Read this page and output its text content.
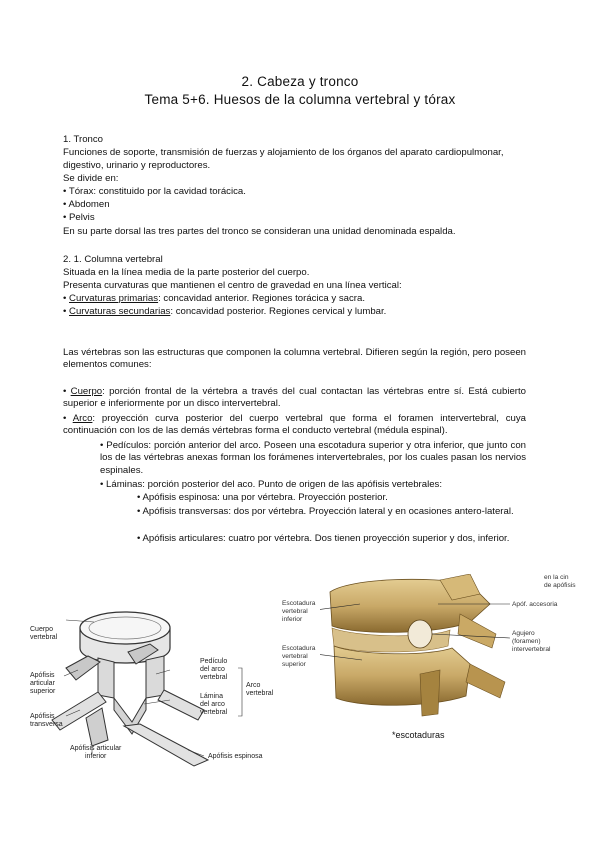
2. Cabeza y tronco
Tema 5+6. Huesos de la columna vertebral y tórax
1. Tronco
Funciones de soporte, transmisión de fuerzas y alojamiento de los órganos del aparato cardiopulmonar,
digestivo, urinario y reproductores.
Se divide en:
• Tórax: constituido por la cavidad torácica.
• Abdomen
• Pelvis
En su parte dorsal las tres partes del tronco se consideran una unidad denominada espalda.
2. 1. Columna vertebral
Situada en la línea media de la parte posterior del cuerpo.
Presenta curvaturas que mantienen el centro de gravedad en una línea vertical:
• Curvaturas primarias: concavidad anterior. Regiones torácica y sacra.
• Curvaturas secundarias: concavidad posterior. Regiones cervical y lumbar.
Las vértebras son las estructuras que componen la columna vertebral. Difieren según la región, pero poseen elementos comunes:
• Cuerpo: porción frontal de la vértebra a través del cual contactan las vértebras entre sí. Está cubierto superior e inferiormente por un disco intervertebral.
• Arco: proyección curva posterior del cuerpo vertebral que forma el foramen intervertebral, cuya continuación con los de las demás vértebras forma el conducto vertebral (médula espinal).
• Pedículos: porción anterior del arco. Poseen una escotadura superior y otra inferior, que junto con los de las vértebras anexas forman los forámenes intervertebrales, por los cuales pasan los nervios espinales.
• Láminas: porción posterior del aco. Punto de origen de las apófisis vertebrales:
• Apófisis espinosa: una por vértebra. Proyección posterior.
• Apófisis transversas: dos por vértebra. Proyección lateral y en ocasiones antero-lateral.
• Apófisis articulares: cuatro por vértebra. Dos tienen proyección superior y dos, inferior.
Cuerpo
vertebral
Apófisis
articular
superior
Apófisis
transversa
Apófisis articular
inferior
Pedículo
del arco
vertebral
Lámina
del arco
vertebral
Arco
vertebral
Apófisis espinosa
en la cin
de apófisis
Escotadura
vertebral
inferior
Apóf. accesoria
Escotadura
vertebral
superior
Agujero
(foramen)
intervertebral
*escotaduras
